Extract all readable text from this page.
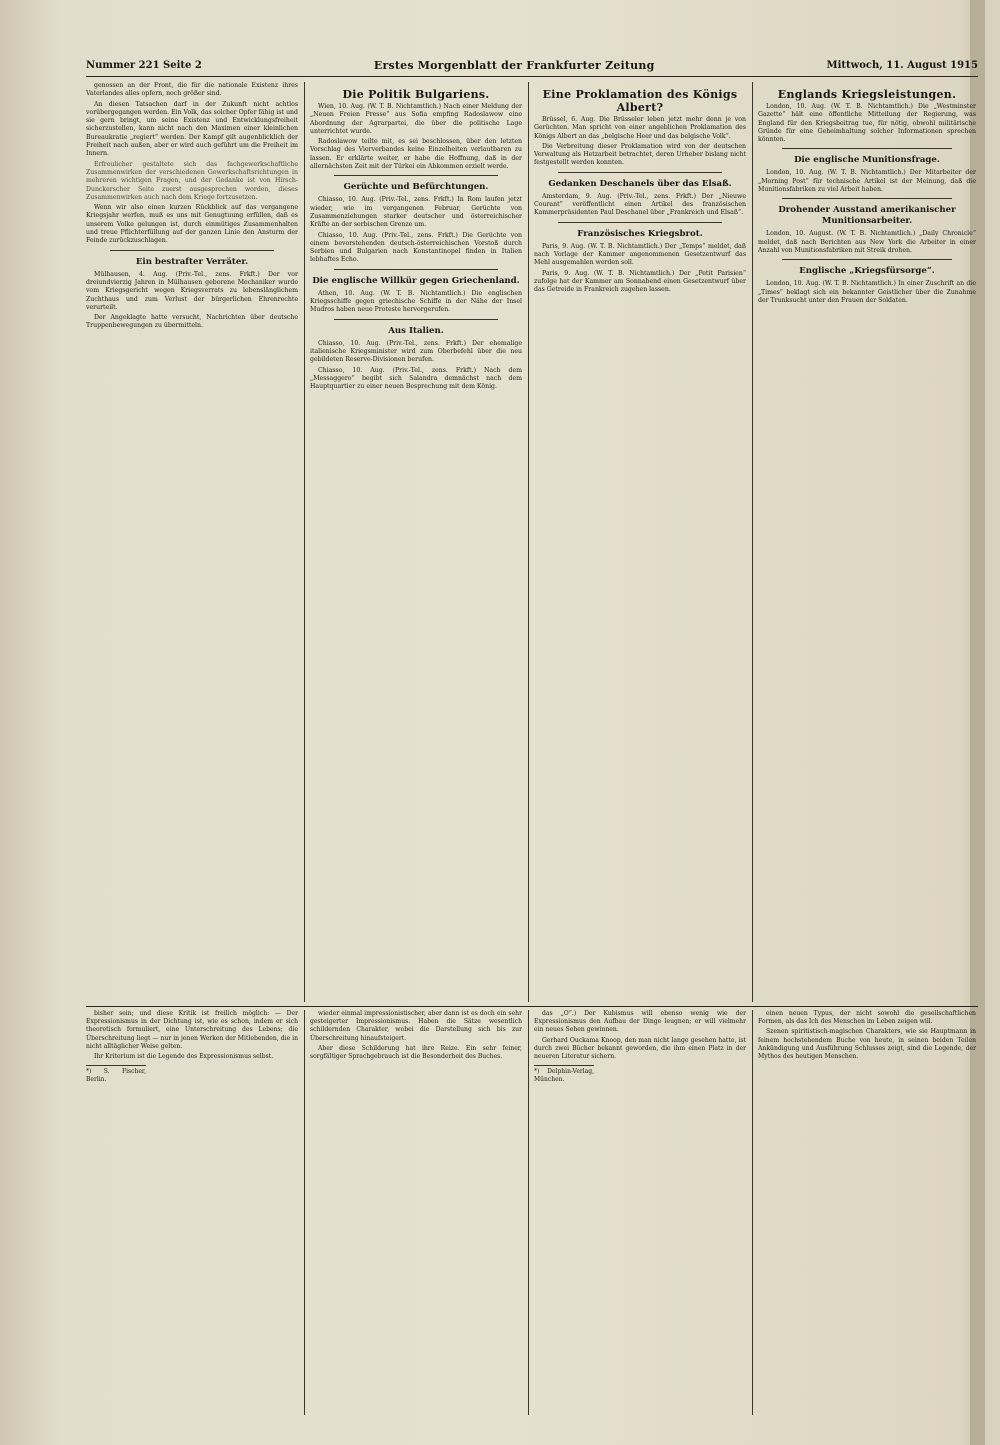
Nummer 221 Seite 2	Erstes Morgenblatt der Frankfurter Zeitung	Mittwoch, 11. August 1915

genossen an der Front, die für die nationale Existenz ihres Vaterlandes alles opfern, noch größer sind.

An diesen Tatsachen darf in der Zukunft nicht achtlos vorübergegangen werden. Ein Volk, das solcher Opfer fähig ist und sie gern bringt, um seine Existenz und Entwicklungsfreiheit sicherzustellen, kann nicht nach den Maximen einer kleinlichen Bureaukratie „regiert“ werden. Der Kampf gilt augenblicklich der Freiheit nach außen, aber er wird auch geführt um die Freiheit im Innern.

Erfreulicher gestaltete sich das fachgewerkschaftliche Zusammenwirken der verschiedenen Gewerkschaftsrichtungen in mehreren wichtigen Fragen, und der Gedanke ist von Hirsch-Dunckerscher Seite zuerst ausgesprochen worden, dieses Zusammenwirken auch nach dem Kriege fortzusetzen.

Wenn wir also einen kurzen Rückblick auf das vergangene Kriegsjahr werfen, muß es uns mit Genugtuung erfüllen, daß es unserem Volke gelungen ist, durch einmütiges Zusammenhalten und treue Pflichterfüllung auf der ganzen Linie den Ansturm der Feinde zurückzuschlagen.

Ein bestrafter Verräter.

Mülhausen, 4. Aug. (Priv.-Tel., zens. Frkft.) Der vor dreiundvierzig Jahren in Mülhausen geborene Mechaniker wurde vom Kriegsgericht wegen Kriegsverrats zu lebenslänglichem Zuchthaus und zum Verlust der bürgerlichen Ehrenrechte verurteilt.

Der Angeklagte hatte versucht, Nachrichten über deutsche Truppenbewegungen zu übermitteln.

Die Politik Bulgariens.

Wien, 10. Aug. (W. T. B. Nichtamtlich.) Nach einer Meldung der „Neuen Freien Presse“ aus Sofia empfing Radoslawow eine Abordnung der Agrarpartei, die über die politische Lage unterrichtet wurde.

Radoslawow teilte mit, es sei beschlossen, über den letzten Vorschlag des Vierverbandes keine Einzelheiten verlautbaren zu lassen. Er erklärte weiter, er habe die Hoffnung, daß in der allernächsten Zeit mit der Türkei ein Abkommen erzielt werde.

Gerüchte und Befürchtungen.

Chiasso, 10. Aug. (Priv.-Tel., zens. Frkft.) In Rom laufen jetzt wieder, wie im vergangenen Februar, Gerüchte von Zusammenziehungen starker deutscher und österreichischer Kräfte an der serbischen Grenze um.

Chiasso, 10. Aug. (Priv.-Tel., zens. Frkft.) Die Gerüchte von einem bevorstehenden deutsch-österreichischen Vorstoß durch Serbien und Bulgarien nach Konstantinopel finden in Italien lebhaftes Echo.

Die englische Willkür gegen Griechenland.

Athen, 10. Aug. (W. T. B. Nichtamtlich.) Die englischen Kriegsschiffe gegen griechische Schiffe in der Nähe der Insel Mudros haben neue Proteste hervorgerufen.

Aus Italien.

Chiasso, 10. Aug. (Priv.-Tel., zens. Frkft.) Der ehemalige italienische Kriegsminister wird zum Oberbefehl über die neu gebildeten Reserve-Divisionen berufen.

Chiasso, 10. Aug. (Priv.-Tel., zens. Frkft.) Nach dem „Messaggero“ begibt sich Salandra demnächst nach dem Hauptquartier zu einer neuen Besprechung mit dem König.

Eine Proklamation des Königs Albert?

Brüssel, 6. Aug. Die Brüsseler leben jetzt mehr denn je von Gerüchten. Man spricht von einer angeblichen Proklamation des Königs Albert an das „belgische Heer und das belgische Volk“.

Die Verbreitung dieser Proklamation wird von der deutschen Verwaltung als Hetzarbeit betrachtet, deren Urheber bislang nicht festgestellt werden konnten.

Gedanken Deschanels über das Elsaß.

Amsterdam, 9. Aug. (Priv.-Tel., zens. Frkft.) Der „Nieuwe Courant“ veröffentlicht einen Artikel des französischen Kammerpräsidenten Paul Deschanel über „Frankreich und Elsaß“.

Französisches Kriegsbrot.

Paris, 9. Aug. (W. T. B. Nichtamtlich.) Der „Temps“ meldet, daß nach Vorlage der Kammer angenommenen Gesetzentwurf das Mehl ausgemahlen werden soll.

Paris, 9. Aug. (W. T. B. Nichtamtlich.) Der „Petit Parisien“ zufolge hat der Kammer am Sonnabend einen Gesetzentwurf über das Getreide in Frankreich zugehen lassen.

Englands Kriegsleistungen.

London, 10. Aug. (W. T. B. Nichtamtlich.) Die „Westminster Gazette“ hält eine öffentliche Mitteilung der Regierung, was England für den Kriegsbeitrag tue, für nötig, obwohl militärische Gründe für eine Geheimhaltung solcher Informationen sprechen könnten.

Die englische Munitionsfrage.

London, 10. Aug. (W. T. B. Nichtamtlich.) Der Mitarbeiter der „Morning Post“ für technische Artikel ist der Meinung, daß die Munitionsfabriken zu viel Arbeit haben.

Drohender Ausstand amerikanischer Munitionsarbeiter.

London, 10. August. (W. T. B. Nichtamtlich.) „Daily Chronicle“ meldet, daß nach Berichten aus New York die Arbeiter in einer Anzahl von Munitionsfabriken mit Streik drohen.

Englische „Kriegsfürsorge“.

London, 10. Aug. (W. T. B. Nichtamtlich.) In einer Zuschrift an die „Times“ beklagt sich ein bekannter Geistlicher über die Zunahme der Trunksucht unter den Frauen der Soldaten.

bisher sein; und diese Kritik ist freilich möglich: — Der Expressionismus in der Dichtung ist, wie es schon, indem er sich theoretisch formuliert, eine Unterschreitung des Lebens; die Überschreitung liegt — nur in jenen Werken der Mitlebenden, die in nicht alltäglicher Weise gelten.

Ihr Kriterium ist die Legende des Expressionismus selbst.

*) S. Fischer, Berlin.

wieder einmal impressionistischer, aber dann ist es doch ein sehr gesteigerter Impressionismus. Haben die Sätze wesentlich schildernden Charakter, wobei die Darstellung sich bis zur Überschreitung hinaufsteigert.

Aber diese Schilderung hat ihre Reize. Ein sehr feiner, sorgfältiger Sprachgebrauch ist die Besonderheit des Buches.

das „O“.) Der Kubismus will ebenso wenig wie der Expressionismus den Aufbau der Dinge leugnen; er will vielmehr ein neues Sehen gewinnen.

Gerhard Ouckama Knoop, den man nicht lange gesehen hatte, ist durch zwei Bücher bekannt geworden, die ihm einen Platz in der neueren Literatur sichern.

*) Delphin-Verlag, München.

einen neuen Typus, der nicht sowohl die gesellschaftlichen Formen, als das Ich des Menschen im Leben zeigen will.

Szenen spiritistisch-magischen Charakters, wie sie Hauptmann in feinem hochstehendem Buche von heute, in seinen beiden Teilen Ankündigung und Ausführung Schlusses zeigt, sind die Legende, der Mythos des heutigen Menschen.
